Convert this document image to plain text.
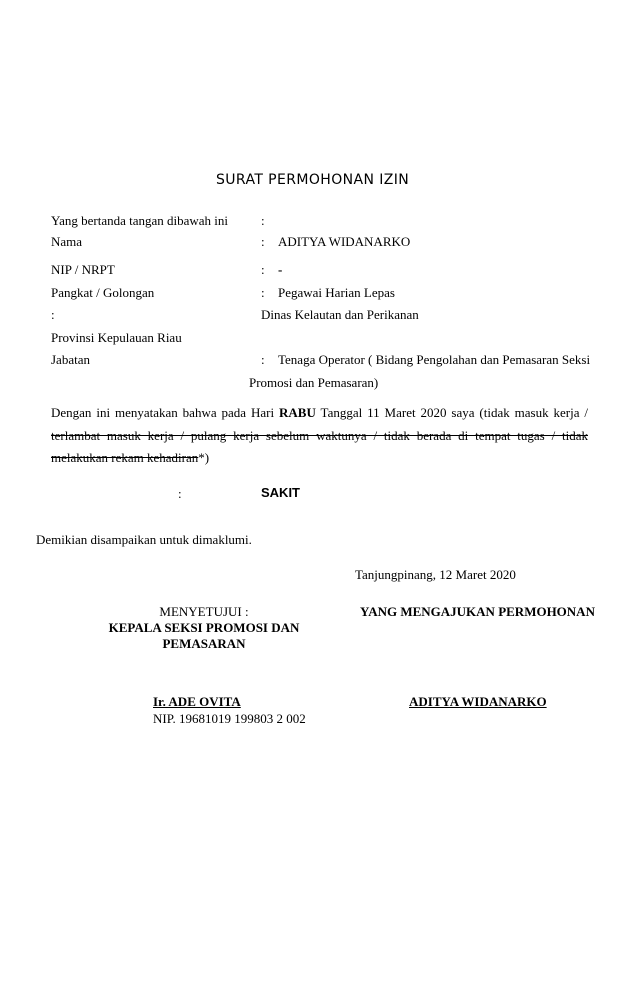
SURAT PERMOHONAN IZIN
Yang bertanda tangan dibawah ini	:
Nama	: ADITYA WIDANARKO
NIP / NRPT	: -
Pangkat / Golongan	: Pegawai Harian Lepas
:	Dinas Kelautan dan Perikanan
Provinsi Kepulauan Riau
Jabatan	: Tenaga Operator ( Bidang Pengolahan dan Pemasaran Seksi
Promosi dan Pemasaran)
Dengan ini menyatakan bahwa pada Hari RABU Tanggal 11 Maret 2020 saya (tidak masuk kerja /
terlambat masuk kerja / pulang kerja sebelum waktunya / tidak berada di tempat tugas / tidak
melakukan rekam kehadiran*)
:	SAKIT
Demikian disampaikan untuk dimaklumi.
Tanjungpinang, 12 Maret 2020
MENYETUJUI :
KEPALA SEKSI PROMOSI DAN
PEMASARAN
Ir. ADE OVITA
NIP. 19681019 199803 2 002
YANG MENGAJUKAN PERMOHONAN
ADITYA WIDANARKO
